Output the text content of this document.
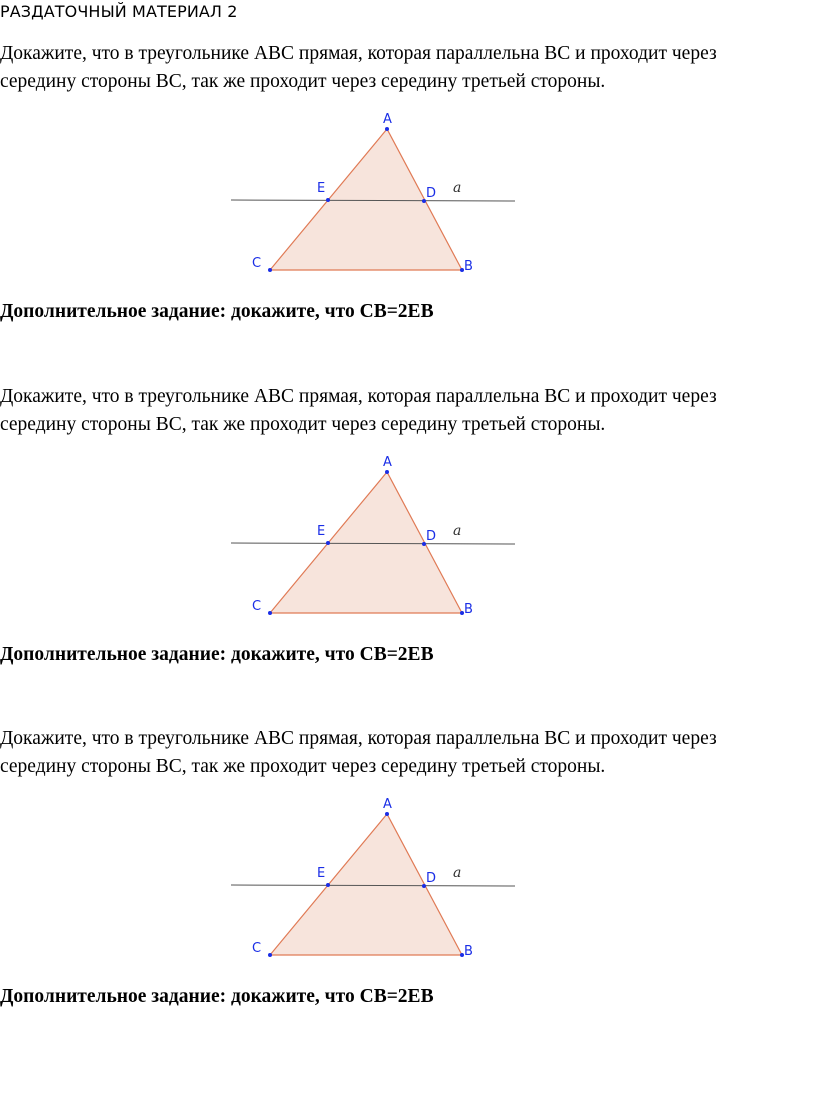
РАЗДАТОЧНЫЙ МАТЕРИАЛ 2
Докажите, что в треугольнике АВС прямая, которая параллельна ВС и проходит через
середину стороны ВС, так же проходит через середину третьей стороны.
A
E	D a
C	B
Дополнительное задание: докажите, что СВ=2ЕВ
Докажите, что в треугольнике АВС прямая, которая параллельна ВС и проходит через
середину стороны ВС, так же проходит через середину третьей стороны.
A
E	D a
C	B
Дополнительное задание: докажите, что СВ=2ЕВ
Докажите, что в треугольнике АВС прямая, которая параллельна ВС и проходит через
середину стороны ВС, так же проходит через середину третьей стороны.
A
E	D a
C	B
Дополнительное задание: докажите, что СВ=2ЕВ
